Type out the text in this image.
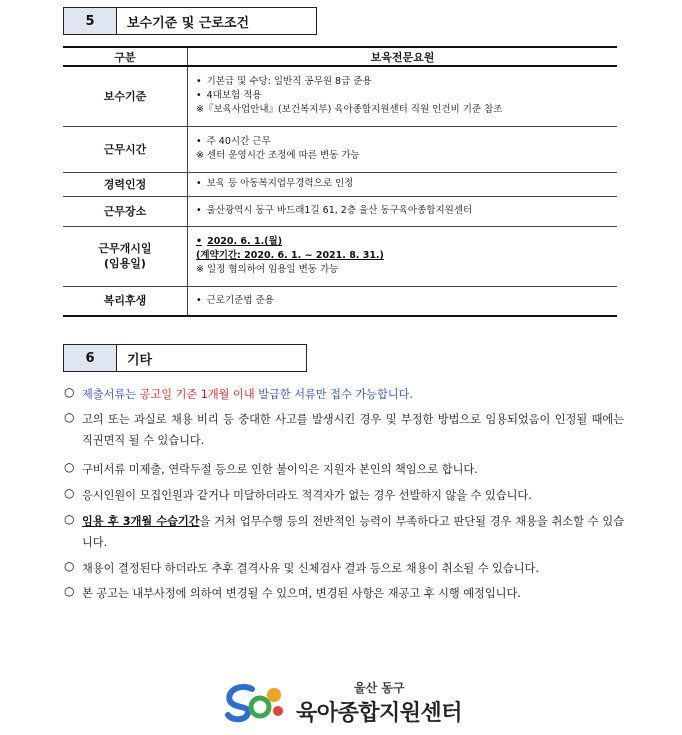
5	보수기준 및 근로조건
구분	보육전문요원
보수기준	• 기본급 및 수당: 일반직 공무원 8급 준용
• 4대보험 적용
※『보육사업안내』(보건복지부) 육아종합지원센터 직원 인건비 기준 참조

근무시간	• 주 40시간 근무
※ 센터 운영시간 조정에 따른 변동 가능

경력인정	• 보육 등 아동복지업무경력으로 인정

근무장소	• 울산광역시 동구 바드래1길 61, 2층 울산 동구육아종합지원센터

근무개시일
(임용일)	• 2020. 6. 1.(월)
(계약기간: 2020. 6. 1. ~ 2021. 8. 31.)
※ 일정 협의하여 임용일 변동 가능

복리후생	• 근로기준법 준용
6	기타
○ 제출서류는 공고일 기준 1개월 이내 발급한 서류만 접수 가능합니다.
○ 고의 또는 과실로 채용 비리 등 중대한 사고를 발생시킨 경우 및 부정한 방법으로 임용되었음이 인정될 때에는 직권면직 될 수 있습니다.
○ 구비서류 미제출, 연락두절 등으로 인한 불이익은 지원자 본인의 책임으로 합니다.
○ 응시인원이 모집인원과 같거나 미달하더라도 적격자가 없는 경우 선발하지 않을 수 있습니다.
○ 임용 후 3개월 수습기간을 거쳐 업무수행 등의 전반적인 능력이 부족하다고 판단될 경우 채용을 취소할 수 있습니다.
○ 채용이 결정된다 하더라도 추후 결격사유 및 신체검사 결과 등으로 채용이 취소될 수 있습니다.
○ 본 공고는 내부사정에 의하여 변경될 수 있으며, 변경된 사항은 재공고 후 시행 예정입니다.
울산 동구
육아종합지원센터
